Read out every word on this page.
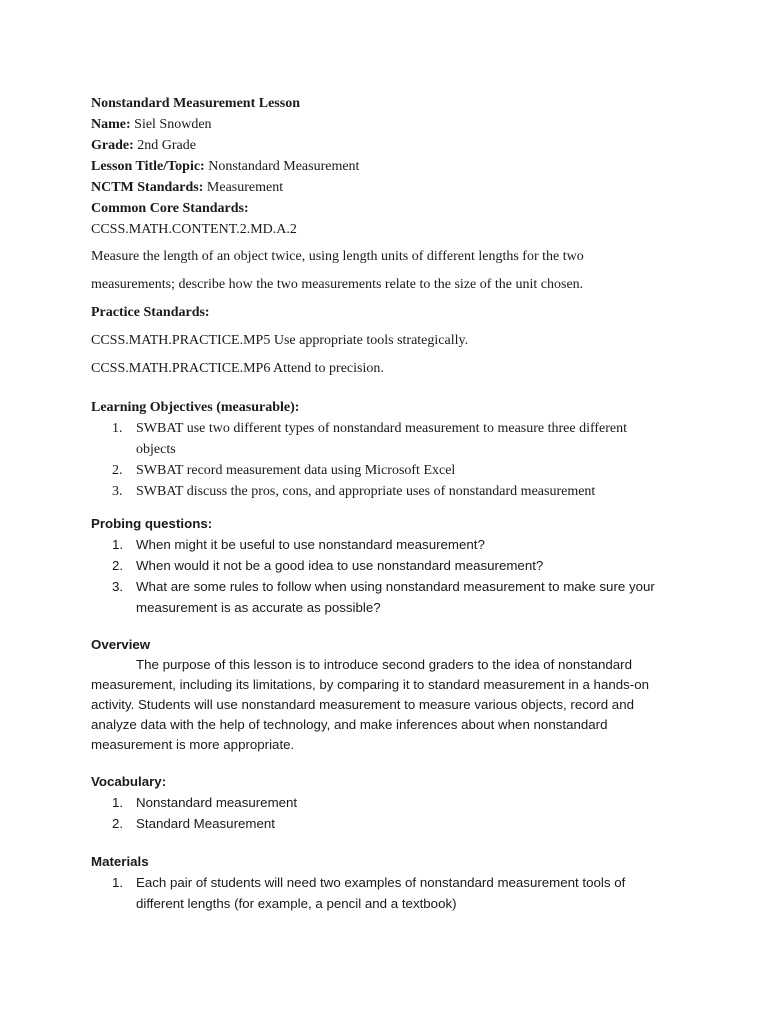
Nonstandard Measurement Lesson
Name: Siel Snowden
Grade: 2nd Grade
Lesson Title/Topic: Nonstandard Measurement
NCTM Standards: Measurement
Common Core Standards:
CCSS.MATH.CONTENT.2.MD.A.2
Measure the length of an object twice, using length units of different lengths for the two
measurements; describe how the two measurements relate to the size of the unit chosen.
Practice Standards:
CCSS.MATH.PRACTICE.MP5 Use appropriate tools strategically.
CCSS.MATH.PRACTICE.MP6 Attend to precision.
Learning Objectives (measurable):
1. SWBAT use two different types of nonstandard measurement to measure three different
objects
2. SWBAT record measurement data using Microsoft Excel
3. SWBAT discuss the pros, cons, and appropriate uses of nonstandard measurement
Probing questions:
1. When might it be useful to use nonstandard measurement?
2. When would it not be a good idea to use nonstandard measurement?
3. What are some rules to follow when using nonstandard measurement to make sure your
measurement is as accurate as possible?
Overview
The purpose of this lesson is to introduce second graders to the idea of nonstandard measurement, including its limitations, by comparing it to standard measurement in a hands-on activity. Students will use nonstandard measurement to measure various objects, record and analyze data with the help of technology, and make inferences about when nonstandard measurement is more appropriate.
Vocabulary:
1. Nonstandard measurement
2. Standard Measurement
Materials
1. Each pair of students will need two examples of nonstandard measurement tools of
different lengths (for example, a pencil and a textbook)
